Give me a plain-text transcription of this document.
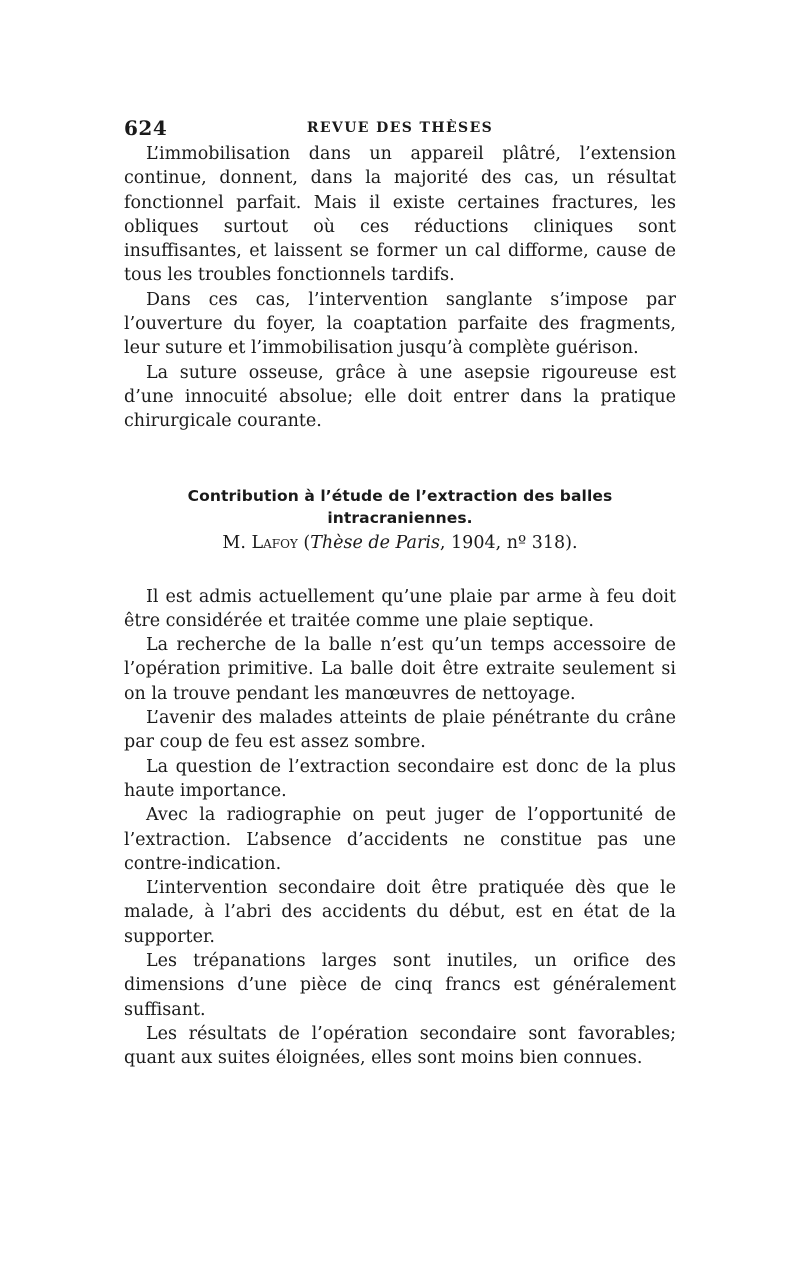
624	REVUE DES THÈSES

L’immobilisation dans un appareil plâtré, l’extension continue, donnent, dans la majorité des cas, un résultat fonctionnel parfait. Mais il existe certaines fractures, les obliques surtout où ces réductions cliniques sont insuffisantes, et laissent se former un cal difforme, cause de tous les troubles fonctionnels tardifs.

Dans ces cas, l’intervention sanglante s’impose par l’ouverture du foyer, la coaptation parfaite des fragments, leur suture et l’immobilisation jusqu’à complète guérison.

La suture osseuse, grâce à une asepsie rigoureuse est d’une innocuité absolue; elle doit entrer dans la pratique chirurgicale courante.

Contribution à l’étude de l’extraction des balles intracraniennes.
M. Lafoy (Thèse de Paris, 1904, nº 318).

Il est admis actuellement qu’une plaie par arme à feu doit être considérée et traitée comme une plaie septique.

La recherche de la balle n’est qu’un temps accessoire de l’opération primitive. La balle doit être extraite seulement si on la trouve pendant les manœuvres de nettoyage.

L’avenir des malades atteints de plaie pénétrante du crâne par coup de feu est assez sombre.

La question de l’extraction secondaire est donc de la plus haute importance.

Avec la radiographie on peut juger de l’opportunité de l’extraction. L’absence d’accidents ne constitue pas une contre-indication.

L’intervention secondaire doit être pratiquée dès que le malade, à l’abri des accidents du début, est en état de la supporter.

Les trépanations larges sont inutiles, un orifice des dimensions d’une pièce de cinq francs est généralement suffisant.

Les résultats de l’opération secondaire sont favorables; quant aux suites éloignées, elles sont moins bien connues.
